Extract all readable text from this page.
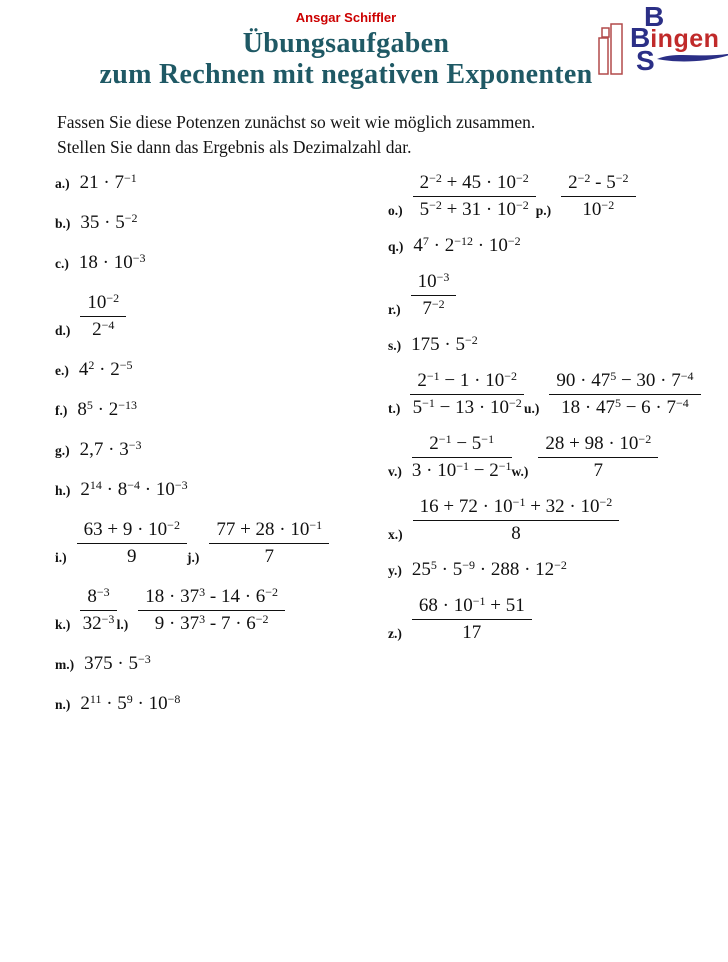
Ansgar Schiffler
Übungsaufgaben
zum Rechnen mit negativen Exponenten
B
Bingen
S
Fassen Sie diese Potenzen zunächst so weit wie möglich zusammen.
Stellen Sie dann das Ergebnis als Dezimalzahl dar.
a.) $21 \cdot 7^{-1}$
b.) $35 \cdot 5^{-2}$
c.) $18 \cdot 10^{-3}$
$d.) \frac{10^{-2}}{2^{-4}}$
e.) $4^2 \cdot 2^{-5}$
f.) $8^5 \cdot 2^{-13}$
g.) $2,7 \cdot 3^{-3}$
h.) $2^{14} \cdot 8^{-4} \cdot 10^{-3}$
$i.) \frac{63 + 9 \cdot 10^{-2}}{9} j.) \frac{77 + 28 \cdot 10^{-1}}{7}$
$k.) \frac{8^{-3}}{32^{-3}} l.) \frac{18 \cdot 37^3 - 14 \cdot 6^{-2}}{9 \cdot 37^3 - 7 \cdot 6^{-2}}$
m.) $375 \cdot 5^{-3}$
n.) $2^{11} \cdot 5^9 \cdot 10^{-8}$
$o.) \frac{2^{-2} + 45 \cdot 10^{-2}}{5^{-2} + 31 \cdot 10^{-2}} p.) \frac{2^{-2} - 5^{-2}}{10^{-2}}$
q.) $4^7 \cdot 2^{-12} \cdot 10^{-2}$
$r.) \frac{10^{-3}}{7^{-2}}$
s.) $175 \cdot 5^{-2}$
$t.) \frac{2^{-1} - 1 \cdot 10^{-2}}{5^{-1} - 13 \cdot 10^{-2}} u.) \frac{90 \cdot 47^5 - 30 \cdot 7^{-4}}{18 \cdot 47^5 - 6 \cdot 7^{-4}}$
$v.) \frac{2^{-1} - 5^{-1}}{3 \cdot 10^{-1} - 2^{-1}} w.) \frac{28 + 98 \cdot 10^{-2}}{7}$
$x.) \frac{16 + 72 \cdot 10^{-1} + 32 \cdot 10^{-2}}{8}$
y.) $25^5 \cdot 5^{-9} \cdot 288 \cdot 12^{-2}$
$z.) \frac{68 \cdot 10^{-1} + 51}{17}$
